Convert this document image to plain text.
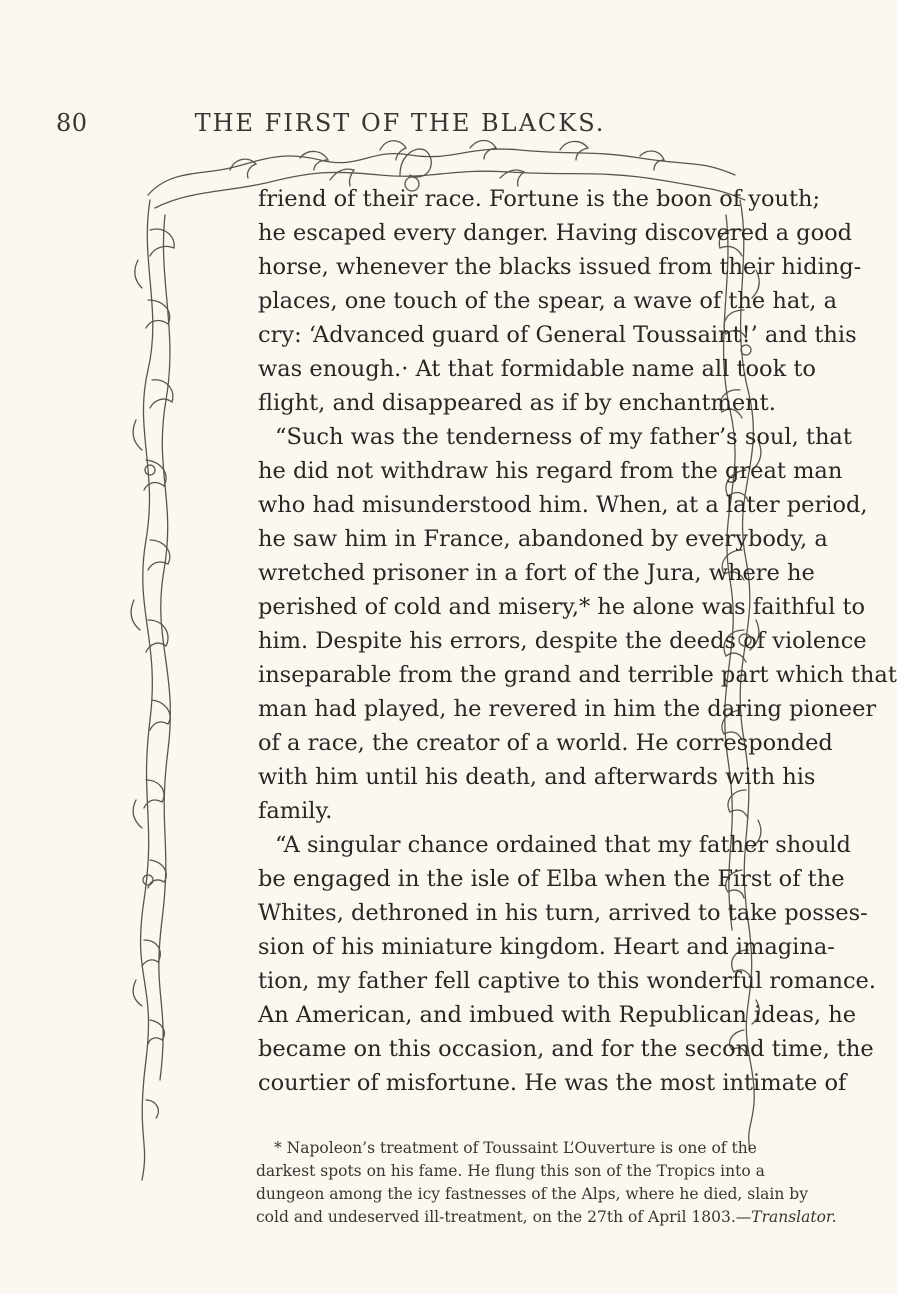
80	THE FIRST OF THE BLACKS.
friend of their race. Fortune is the boon of youth;
he escaped every danger. Having discovered a good
horse, whenever the blacks issued from their hiding-
places, one touch of the spear, a wave of the hat, a
cry: ‘Advanced guard of General Toussaint!’ and this
was enough.· At that formidable name all took to
flight, and disappeared as if by enchantment.
“Such was the tenderness of my father’s soul, that
he did not withdraw his regard from the great man
who had misunderstood him. When, at a later period,
he saw him in France, abandoned by everybody, a
wretched prisoner in a fort of the Jura, where he
perished of cold and misery,* he alone was faithful to
him. Despite his errors, despite the deeds of violence
inseparable from the grand and terrible part which that
man had played, he revered in him the daring pioneer
of a race, the creator of a world. He corresponded
with him until his death, and afterwards with his
family.
“A singular chance ordained that my father should
be engaged in the isle of Elba when the First of the
Whites, dethroned in his turn, arrived to take posses-
sion of his miniature kingdom. Heart and imagina-
tion, my father fell captive to this wonderful romance.
An American, and imbued with Republican ideas, he
became on this occasion, and for the second time, the
courtier of misfortune. He was the most intimate of
* Napoleon’s treatment of Toussaint L’Ouverture is one of the
darkest spots on his fame. He flung this son of the Tropics into a
dungeon among the icy fastnesses of the Alps, where he died, slain by
cold and undeserved ill-treatment, on the 27th of April 1803.—Translator.
